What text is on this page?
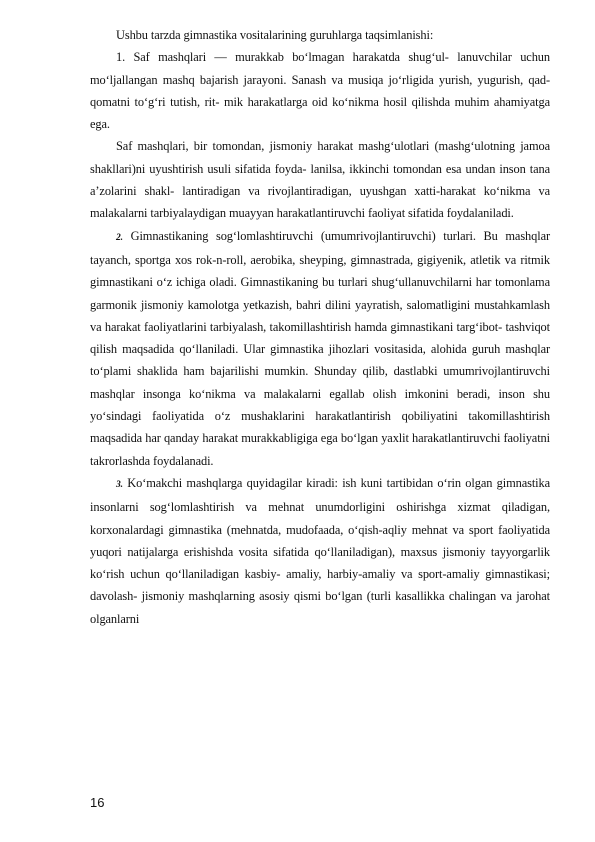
Ushbu tarzda gimnastika vositalarining guruhlarga taqsimlanishi:

1. Saf mashqlari — murakkab bo‘lmagan harakatda shug‘ul- lanuvchilar uchun mo‘ljallangan mashq bajarish jarayoni. Sanash va musiqa jo‘rligida yurish, yugurish, qad-qomatni to‘g‘ri tutish, rit- mik harakatlarga oid ko‘nikma hosil qilishda muhim ahamiyatga ega.

Saf mashqlari, bir tomondan, jismoniy harakat mashg‘ulotlari (mashg‘ulotning jamoa shakllari)ni uyushtirish usuli sifatida foyda- lanilsa, ikkinchi tomondan esa undan inson tana a’zolarini shakl- lantiradigan va rivojlantiradigan, uyushgan xatti-harakat ko‘nikma va malakalarni tarbiyalaydigan muayyan harakatlantiruvchi faoliyat sifatida foydalaniladi.

2. Gimnastikaning sog‘lomlashtiruvchi (umumrivojlantiruvchi) turlari. Bu mashqlar tayanch, sportga xos rok-n-roll, aerobika, sheyping, gimnastrada, gigiyenik, atletik va ritmik gimnastikani o‘z ichiga oladi. Gimnastikaning bu turlari shug‘ullanuvchilarni har tomonlama garmonik jismoniy kamolotga yetkazish, bahri dilini yayratish, salomatligini mustahkamlash va harakat faoliyatlarini tarbiyalash, takomillashtirish hamda gimnastikani targ‘ibot- tashviqot qilish maqsadida qo‘llaniladi. Ular gimnastika jihozlari vositasida, alohida guruh mashqlar to‘plami shaklida ham bajarilishi mumkin. Shunday qilib, dastlabki umumrivojlantiruvchi mashqlar insonga ko‘nikma va malakalarni egallab olish imkonini beradi, inson shu yo‘sindagi faoliyatida o‘z mushaklarini harakatlantirish qobiliyatini takomillashtirish maqsadida har qanday harakat murakkabligiga ega bo‘lgan yaxlit harakatlantiruvchi faoliyatni takrorlashda foydalanadi.

3. Ko‘makchi mashqlarga quyidagilar kiradi: ish kuni tartibidan o‘rin olgan gimnastika insonlarni sog‘lomlashtirish va mehnat unumdorligini oshirishga xizmat qiladigan, korxonalardagi gimnastika (mehnatda, mudofaada, o‘qish-aqliy mehnat va sport faoliyatida yuqori natijalarga erishishda vosita sifatida qo‘llaniladigan), maxsus jismoniy tayyorgarlik ko‘rish uchun qo‘llaniladigan kasbiy- amaliy, harbiy-amaliy va sport-amaliy gimnastikasi; davolash- jismoniy mashqlarning asosiy qismi bo‘lgan (turli kasallikka chalingan va jarohat olganlarni

16
